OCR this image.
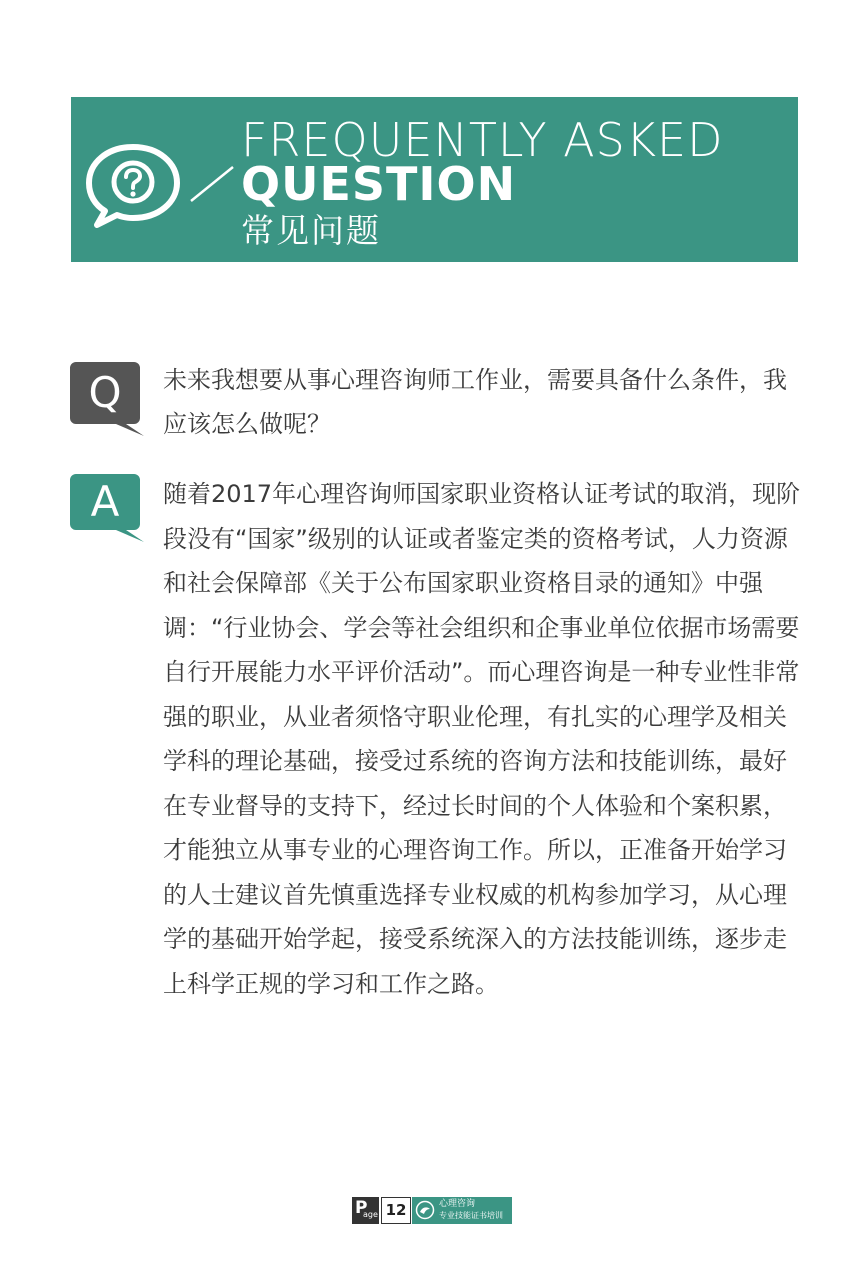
FREQUENTLY ASKED
QUESTION
常见问题
Q	未来我想要从事心理咨询师工作业，需要具备什么条件，我应该怎么做呢？
A	随着2017年心理咨询师国家职业资格认证考试的取消，现阶段没有“国家”级别的认证或者鉴定类的资格考试，人力资源和社会保障部《关于公布国家职业资格目录的通知》中强调：“行业协会、学会等社会组织和企事业单位依据市场需要自行开展能力水平评价活动”。而心理咨询是一种专业性非常强的职业，从业者须恪守职业伦理，有扎实的心理学及相关学科的理论基础，接受过系统的咨询方法和技能训练，最好在专业督导的支持下，经过长时间的个人体验和个案积累，才能独立从事专业的心理咨询工作。所以，正准备开始学习的人士建议首先慎重选择专业权威的机构参加学习，从心理学的基础开始学起，接受系统深入的方法技能训练，逐步走上科学正规的学习和工作之路。
P
age 12	心理咨询
专业技能证书培训
